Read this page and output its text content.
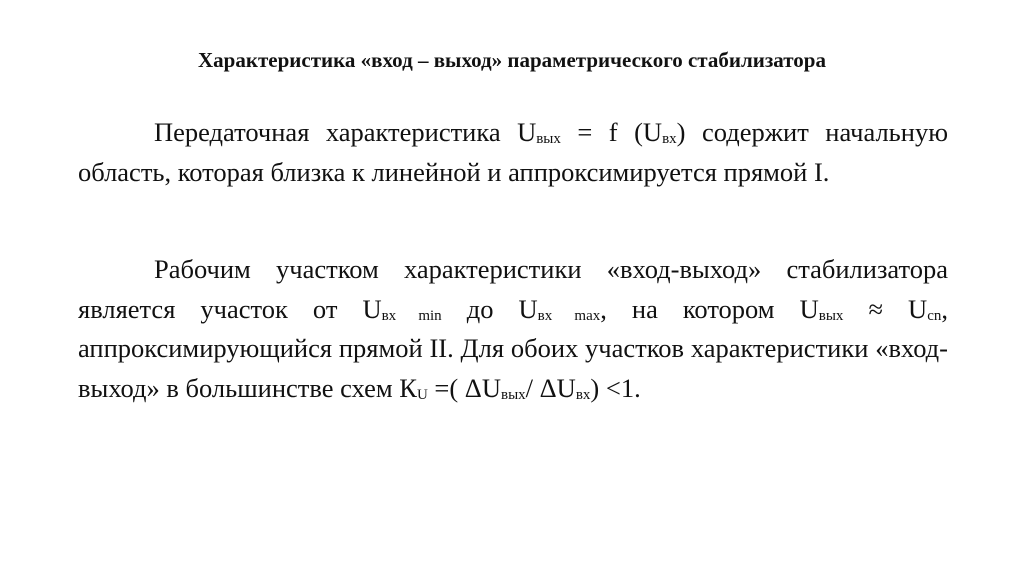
Характеристика «вход – выход» параметрического стабилизатора
Передаточная характеристика $U_{вых} = f$ $(U_{вх})$ содержит начальную область, которая близка к линейной и аппроксимируется прямой I.
Рабочим участком характеристики «вход-выход» стабилизатора является участок от $U_{вх min}$ до $U_{вх max}$, на котором $U_{вых} \approx U_{cn}$, аппроксимирующийся прямой II. Для обоих участков характеристики «вход-выход» в большинстве схем $К_U$ =( $\Delta U_{вых}/$ $\Delta U_{вх}) <1$.
